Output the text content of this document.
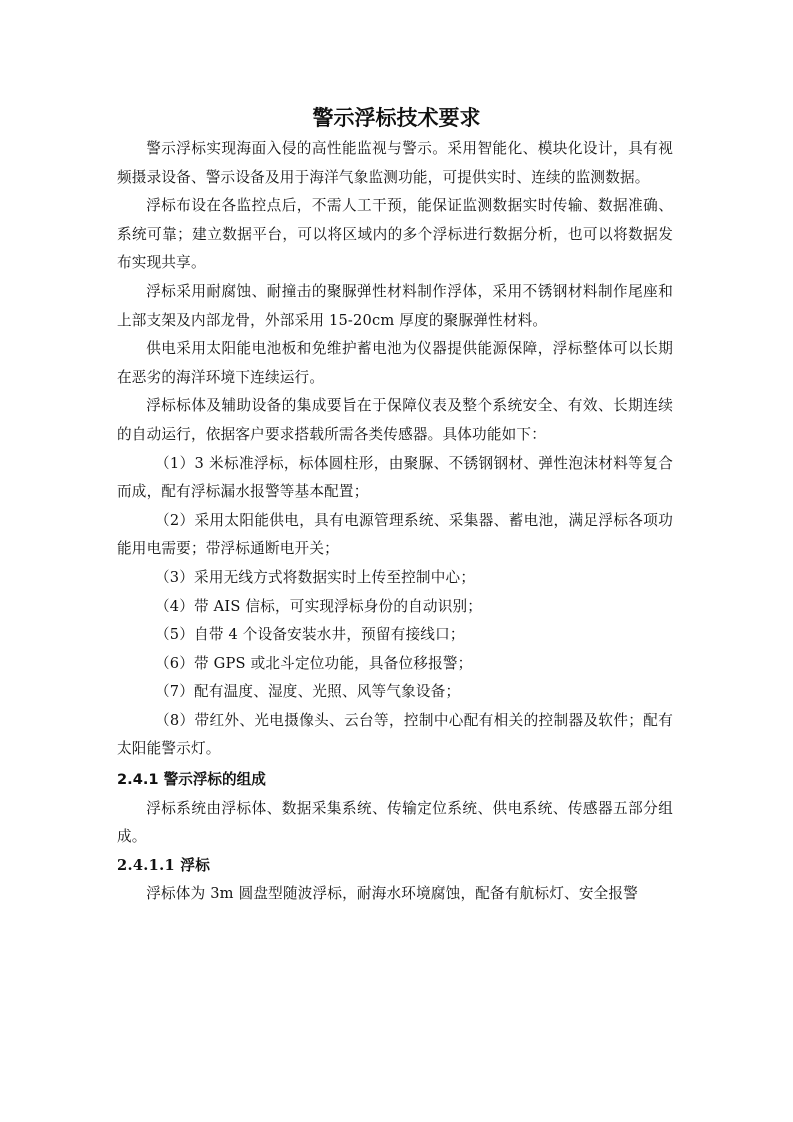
警示浮标技术要求

警示浮标实现海面入侵的高性能监视与警示。采用智能化、模块化设计，具有视频摄录设备、警示设备及用于海洋气象监测功能，可提供实时、连续的监测数据。

浮标布设在各监控点后，不需人工干预，能保证监测数据实时传输、数据准确、系统可靠；建立数据平台，可以将区域内的多个浮标进行数据分析，也可以将数据发布实现共享。

浮标采用耐腐蚀、耐撞击的聚脲弹性材料制作浮体，采用不锈钢材料制作尾座和上部支架及内部龙骨，外部采用 15-20cm 厚度的聚脲弹性材料。

供电采用太阳能电池板和免维护蓄电池为仪器提供能源保障，浮标整体可以长期在恶劣的海洋环境下连续运行。

浮标标体及辅助设备的集成要旨在于保障仪表及整个系统安全、有效、长期连续的自动运行，依据客户要求搭载所需各类传感器。具体功能如下：

（1）3 米标准浮标，标体圆柱形，由聚脲、不锈钢钢材、弹性泡沫材料等复合而成，配有浮标漏水报警等基本配置；

（2）采用太阳能供电，具有电源管理系统、采集器、蓄电池，满足浮标各项功能用电需要；带浮标通断电开关；

（3）采用无线方式将数据实时上传至控制中心；

（4）带 AIS 信标，可实现浮标身份的自动识别；

（5）自带 4 个设备安装水井，预留有接线口；

（6）带 GPS 或北斗定位功能，具备位移报警；

（7）配有温度、湿度、光照、风等气象设备；

（8）带红外、光电摄像头、云台等，控制中心配有相关的控制器及软件；配有太阳能警示灯。

2.4.1 警示浮标的组成

浮标系统由浮标体、数据采集系统、传输定位系统、供电系统、传感器五部分组成。

2.4.1.1 浮标

浮标体为 3m 圆盘型随波浮标，耐海水环境腐蚀，配备有航标灯、安全报警
